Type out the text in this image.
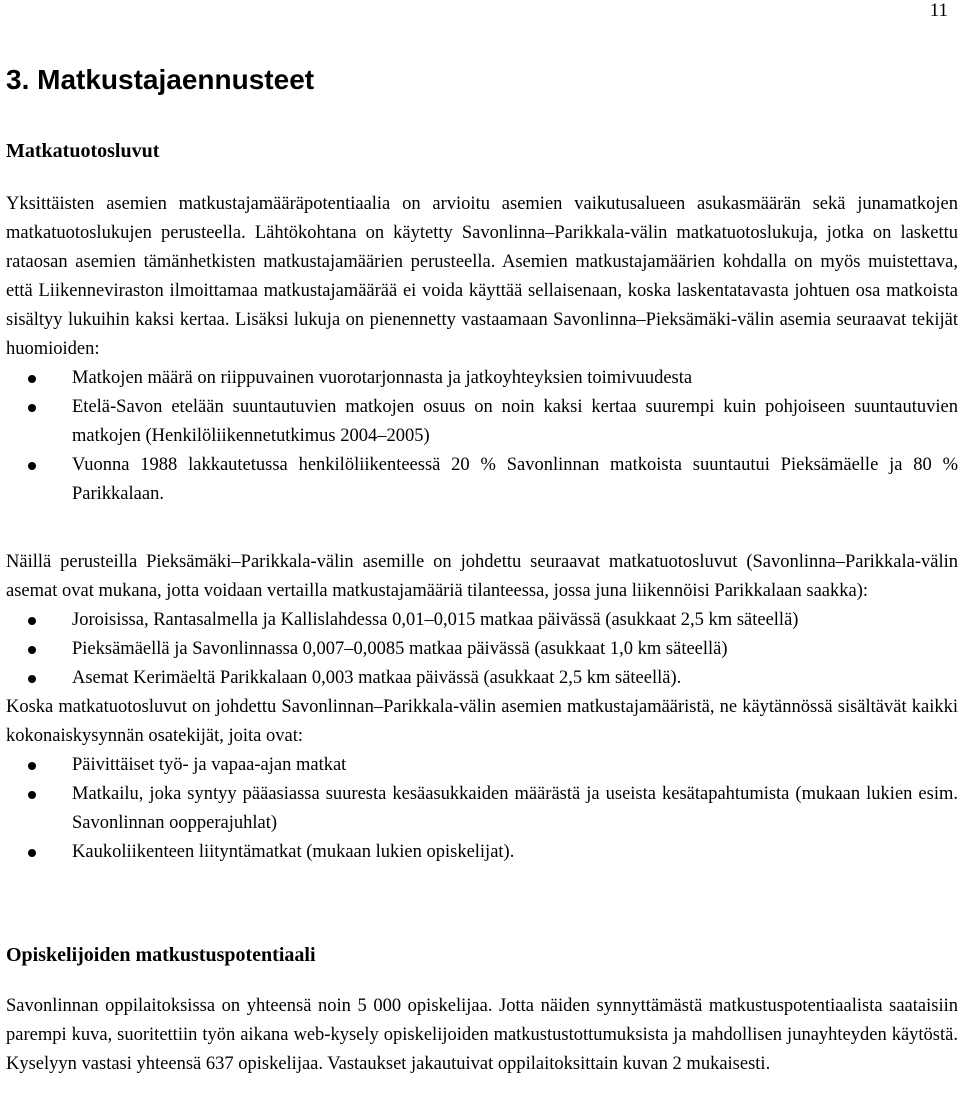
11
3. Matkustajaennusteet
Matkatuotosluvut

Yksittäisten asemien matkustajamääräpotentiaalia on arvioitu asemien vaikutusalueen asukasmäärän sekä junamatkojen matkatuotoslukujen perusteella. Lähtökohtana on käytetty Savonlinna–Parikkala-välin matkatuotoslukuja, jotka on laskettu rataosan asemien tämänhetkisten matkustajamäärien perusteella. Asemien matkustajamäärien kohdalla on myös muistettava, että Liikenneviraston ilmoittamaa matkustajamäärää ei voida käyttää sellaisenaan, koska laskentatavasta johtuen osa matkoista sisältyy lukuihin kaksi kertaa. Lisäksi lukuja on pienennetty vastaamaan Savonlinna–Pieksämäki-välin asemia seuraavat tekijät huomioiden:

Matkojen määrä on riippuvainen vuorotarjonnasta ja jatkoyhteyksien toimivuudesta
Etelä-Savon etelään suuntautuvien matkojen osuus on noin kaksi kertaa suurempi kuin pohjoiseen suuntautuvien matkojen (Henkilöliikennetutkimus 2004–2005)
Vuonna 1988 lakkautetussa henkilöliikenteessä 20 % Savonlinnan matkoista suuntautui Pieksämäelle ja 80 % Parikkalaan.

Näillä perusteilla Pieksämäki–Parikkala-välin asemille on johdettu seuraavat matkatuotosluvut (Savonlinna–Parikkala-välin asemat ovat mukana, jotta voidaan vertailla matkustajamääriä tilanteessa, jossa juna liikennöisi Parikkalaan saakka):

Joroisissa, Rantasalmella ja Kallislahdessa 0,01–0,015 matkaa päivässä (asukkaat 2,5 km säteellä)
Pieksämäellä ja Savonlinnassa 0,007–0,0085 matkaa päivässä (asukkaat 1,0 km säteellä)
Asemat Kerimäeltä Parikkalaan 0,003 matkaa päivässä (asukkaat 2,5 km säteellä).

Koska matkatuotosluvut on johdettu Savonlinnan–Parikkala-välin asemien matkustajamääristä, ne käytännössä sisältävät kaikki kokonaiskysynnän osatekijät, joita ovat:

Päivittäiset työ- ja vapaa-ajan matkat
Matkailu, joka syntyy pääasiassa suuresta kesäasukkaiden määrästä ja useista kesätapahtumista (mukaan lukien esim. Savonlinnan oopperajuhlat)
Kaukoliikenteen liityntämatkat (mukaan lukien opiskelijat).
Opiskelijoiden matkustuspotentiaali

Savonlinnan oppilaitoksissa on yhteensä noin 5 000 opiskelijaa. Jotta näiden synnyttämästä matkustuspotentiaalista saataisiin parempi kuva, suoritettiin työn aikana web-kysely opiskelijoiden matkustustottumuksista ja mahdollisen junayhteyden käytöstä. Kyselyyn vastasi yhteensä 637 opiskelijaa. Vastaukset jakautuivat oppilaitoksittain kuvan 2 mukaisesti.
